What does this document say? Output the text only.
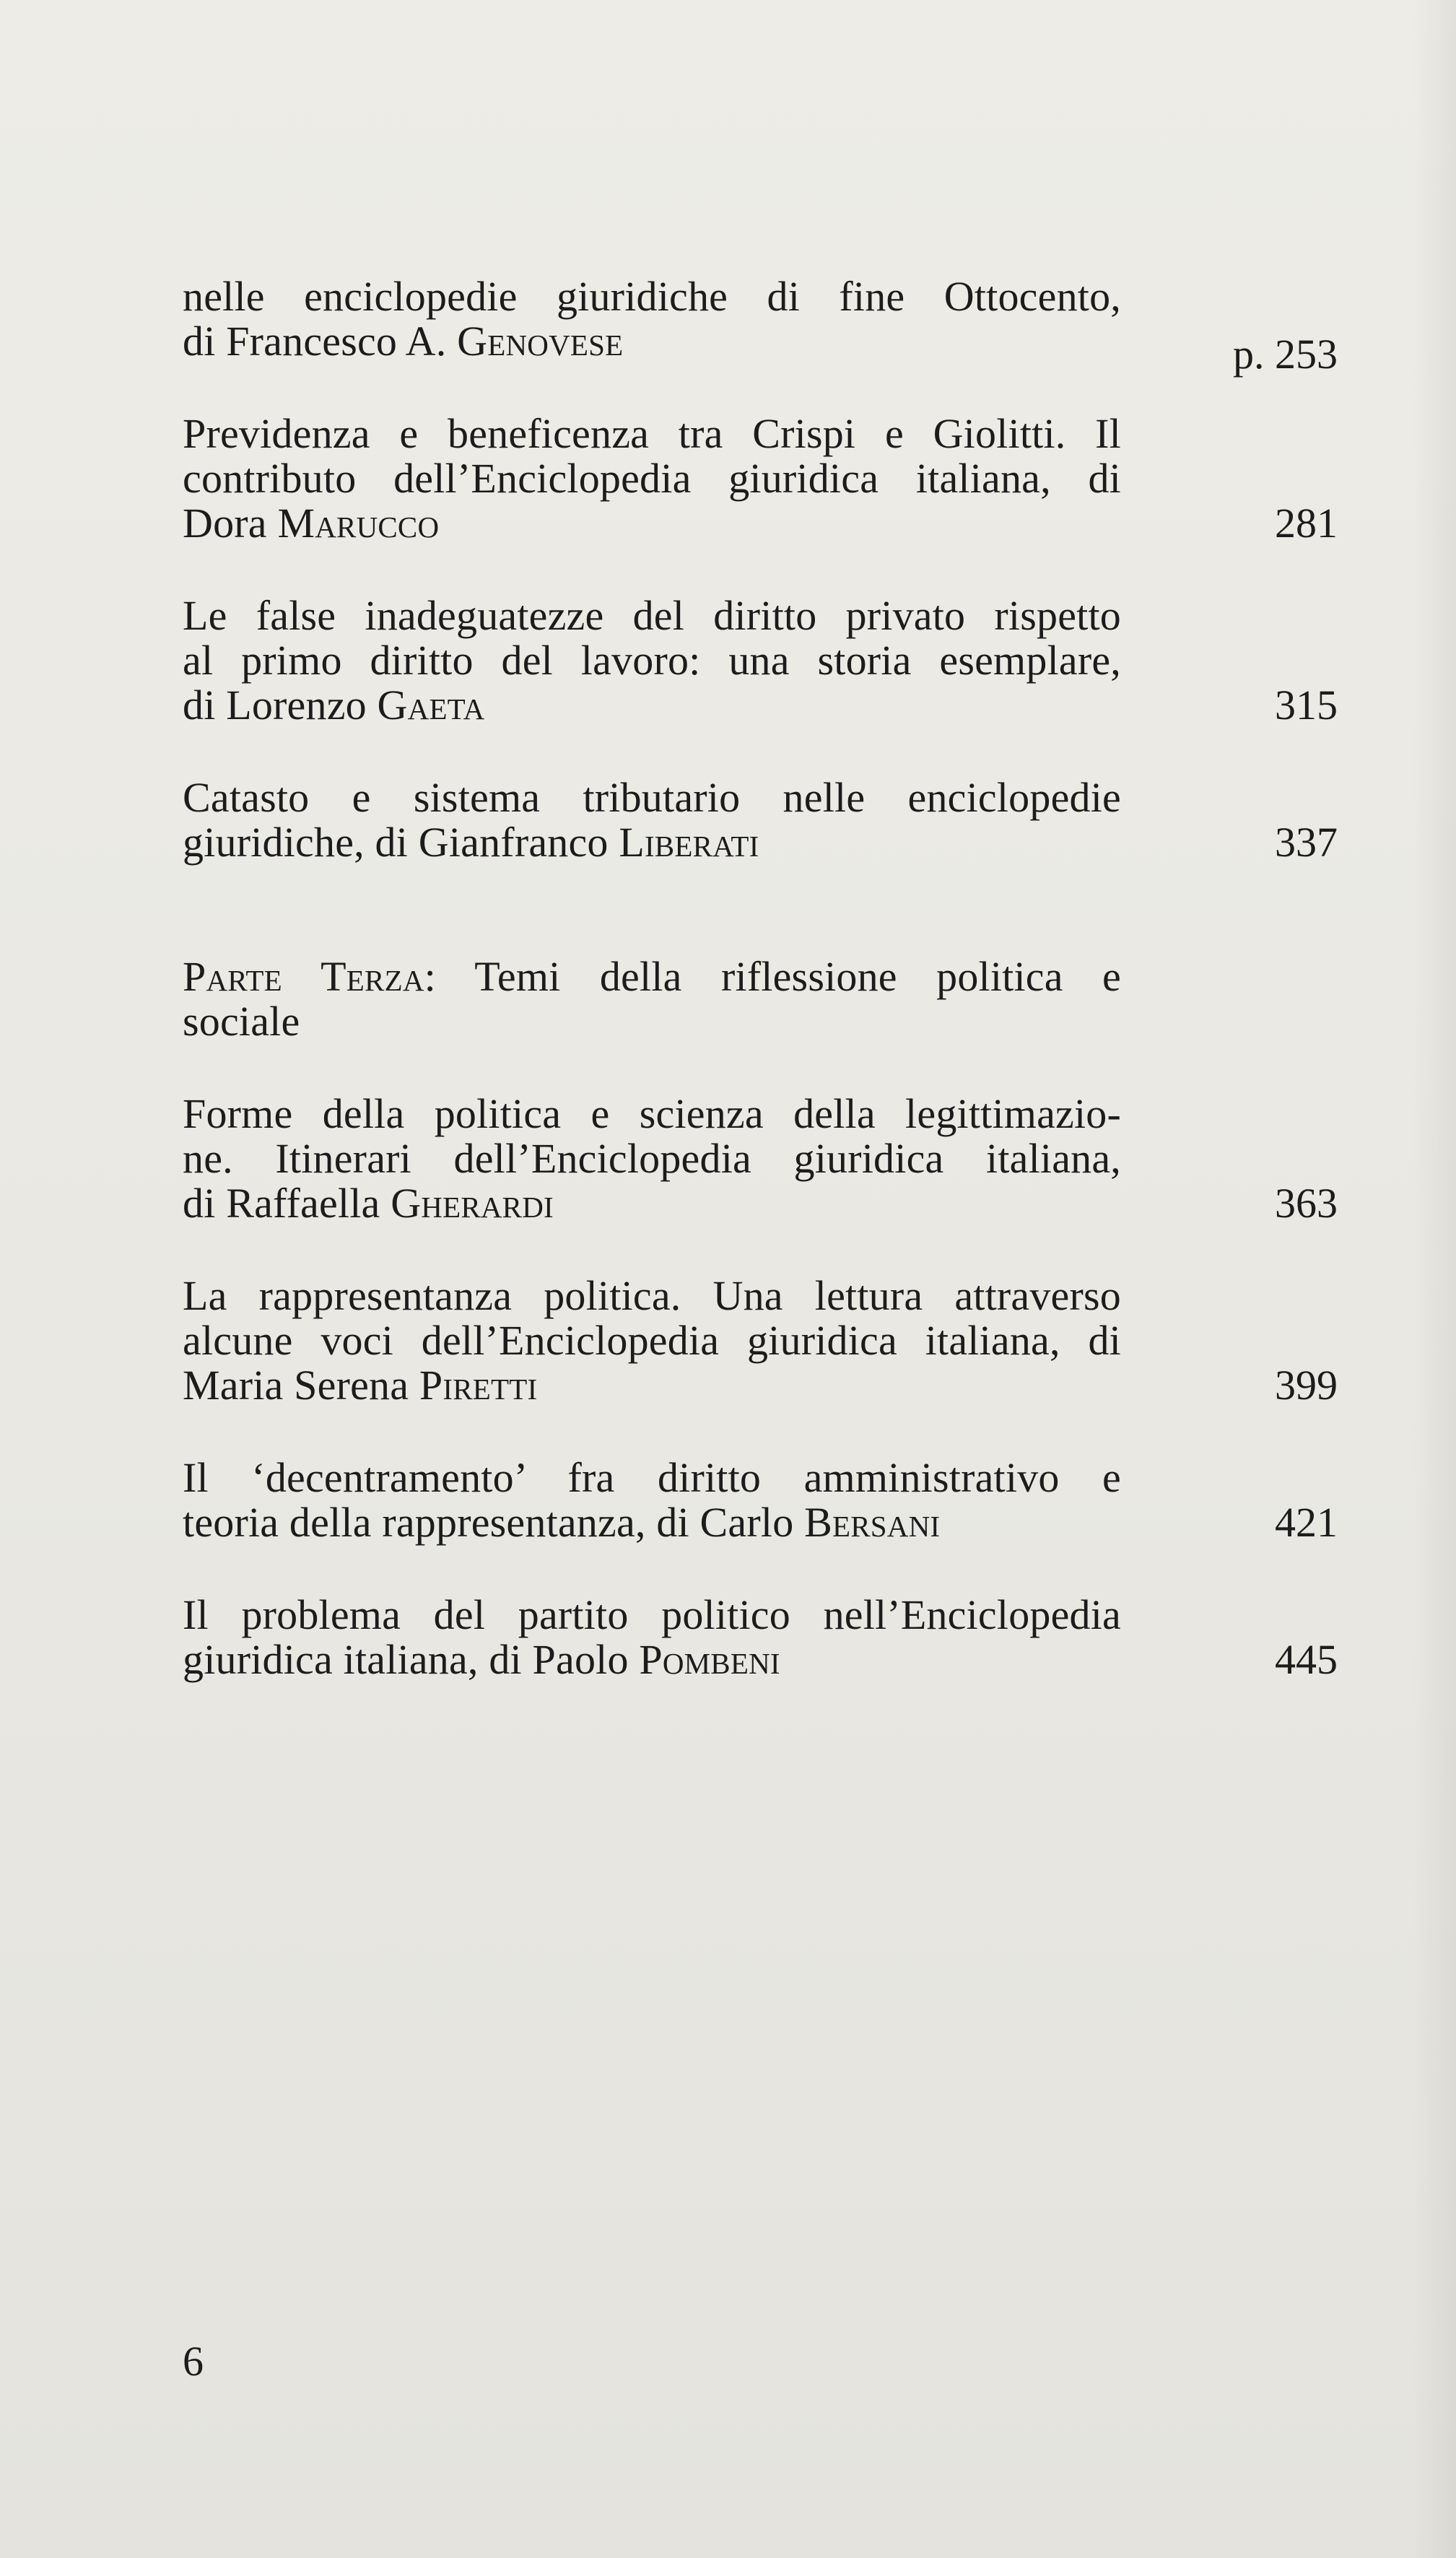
nelle enciclopedie giuridiche di fine Ottocento,
di Francesco A. Genovese	p. 253
Previdenza e beneficenza tra Crispi e Giolitti. Il
contributo dell’Enciclopedia giuridica italiana, di
Dora Marucco	281
Le false inadeguatezze del diritto privato rispetto
al primo diritto del lavoro: una storia esemplare,
di Lorenzo Gaeta	315
Catasto e sistema tributario nelle enciclopedie
giuridiche, di Gianfranco Liberati	337
Parte Terza: Temi della riflessione politica e
sociale
Forme della politica e scienza della legittimazio-
ne. Itinerari dell’Enciclopedia giuridica italiana,
di Raffaella Gherardi	363
La rappresentanza politica. Una lettura attraverso
alcune voci dell’Enciclopedia giuridica italiana, di
Maria Serena Piretti	399
Il ‘decentramento’ fra diritto amministrativo e
teoria della rappresentanza, di Carlo Bersani	421
Il problema del partito politico nell’Enciclopedia
giuridica italiana, di Paolo Pombeni	445
6
